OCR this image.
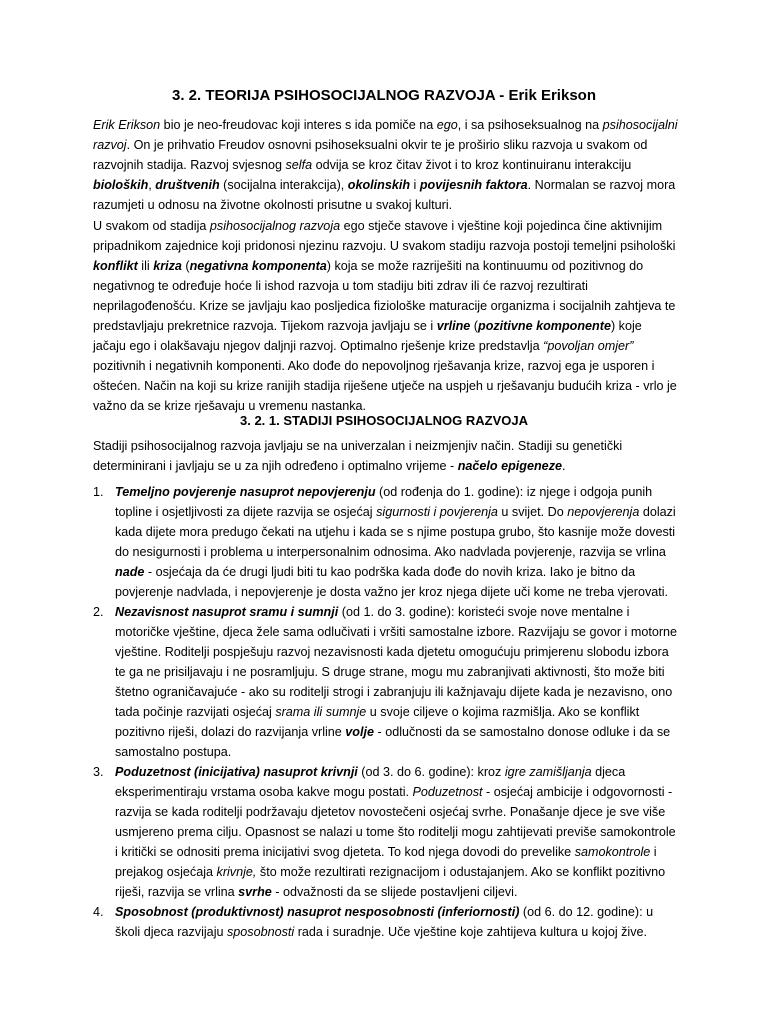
3. 2. TEORIJA PSIHOSOCIJALNOG RAZVOJA - Erik Erikson

Erik Erikson bio je neo-freudovac koji interes s ida pomiče na ego, i sa psihoseksualnog na psihosocijalni razvoj. On je prihvatio Freudov osnovni psihoseksualni okvir te je proširio sliku razvoja u svakom od razvojnih stadija. Razvoj svjesnog selfa odvija se kroz čitav život i to kroz kontinuiranu interakciju bioloških, društvenih (socijalna interakcija), okolinskih i povijesnih faktora. Normalan se razvoj mora razumjeti u odnosu na životne okolnosti prisutne u svakoj kulturi.

U svakom od stadija psihosocijalnog razvoja ego stječe stavove i vještine koji pojedinca čine aktivnijim pripadnikom zajednice koji pridonosi njezinu razvoju. U svakom stadiju razvoja postoji temeljni psihološki konflikt ili kriza (negativna komponenta) koja se može razriješiti na kontinuumu od pozitivnog do negativnog te određuje hoće li ishod razvoja u tom stadiju biti zdrav ili će razvoj rezultirati neprilagođenošću. Krize se javljaju kao posljedica fiziološke maturacije organizma i socijalnih zahtjeva te predstavljaju prekretnice razvoja. Tijekom razvoja javljaju se i vrline (pozitivne komponente) koje jačaju ego i olakšavaju njegov daljnji razvoj. Optimalno rješenje krize predstavlja “povoljan omjer” pozitivnih i negativnih komponenti. Ako dođe do nepovoljnog rješavanja krize, razvoj ega je usporen i oštećen. Način na koji su krize ranijih stadija riješene utječe na uspjeh u rješavanju budućih kriza - vrlo je važno da se krize rješavaju u vremenu nastanka.

3. 2. 1. STADIJI PSIHOSOCIJALNOG RAZVOJA

Stadiji psihosocijalnog razvoja javljaju se na univerzalan i neizmjenjiv način. Stadiji su genetički determinirani i javljaju se u za njih određeno i optimalno vrijeme - načelo epigeneze.

1. Temeljno povjerenje nasuprot nepovjerenju (od rođenja do 1. godine): iz njege i odgoja punih topline i osjetljivosti za dijete razvija se osjećaj sigurnosti i povjerenja u svijet. Do nepovjerenja dolazi kada dijete mora predugo čekati na utjehu i kada se s njime postupa grubo, što kasnije može dovesti do nesigurnosti i problema u interpersonalnim odnosima. Ako nadvlada povjerenje, razvija se vrlina nade - osjećaja da će drugi ljudi biti tu kao podrška kada dođe do novih kriza. Iako je bitno da povjerenje nadvlada, i nepovjerenje je dosta važno jer kroz njega dijete uči kome ne treba vjerovati.
2. Nezavisnost nasuprot sramu i sumnji (od 1. do 3. godine): koristeći svoje nove mentalne i motoričke vještine, djeca žele sama odlučivati i vršiti samostalne izbore. Razvijaju se govor i motorne vještine. Roditelji pospješuju razvoj nezavisnosti kada djetetu omogućuju primjerenu slobodu izbora te ga ne prisiljavaju i ne posramljuju. S druge strane, mogu mu zabranjivati aktivnosti, što može biti štetno ograničavajuće - ako su roditelji strogi i zabranjuju ili kažnjavaju dijete kada je nezavisno, ono tada počinje razvijati osjećaj srama ili sumnje u svoje ciljeve o kojima razmišlja. Ako se konflikt pozitivno riješi, dolazi do razvijanja vrline volje - odlučnosti da se samostalno donose odluke i da se samostalno postupa.
3. Poduzetnost (inicijativa) nasuprot krivnji (od 3. do 6. godine): kroz igre zamišljanja djeca eksperimentiraju vrstama osoba kakve mogu postati. Poduzetnost - osjećaj ambicije i odgovornosti - razvija se kada roditelji podržavaju djetetov novostečeni osjećaj svrhe. Ponašanje djece je sve više usmjereno prema cilju. Opasnost se nalazi u tome što roditelji mogu zahtijevati previše samokontrole i kritički se odnositi prema inicijativi svog djeteta. To kod njega dovodi do prevelike samokontrole i prejakog osjećaja krivnje, što može rezultirati rezignacijom i odustajanjem. Ako se konflikt pozitivno riješi, razvija se vrlina svrhe - odvažnosti da se slijede postavljeni ciljevi.
4. Sposobnost (produktivnost) nasuprot nesposobnosti (inferiornosti) (od 6. do 12. godine): u školi djeca razvijaju sposobnosti rada i suradnje. Uče vještine koje zahtijeva kultura u kojoj žive.
